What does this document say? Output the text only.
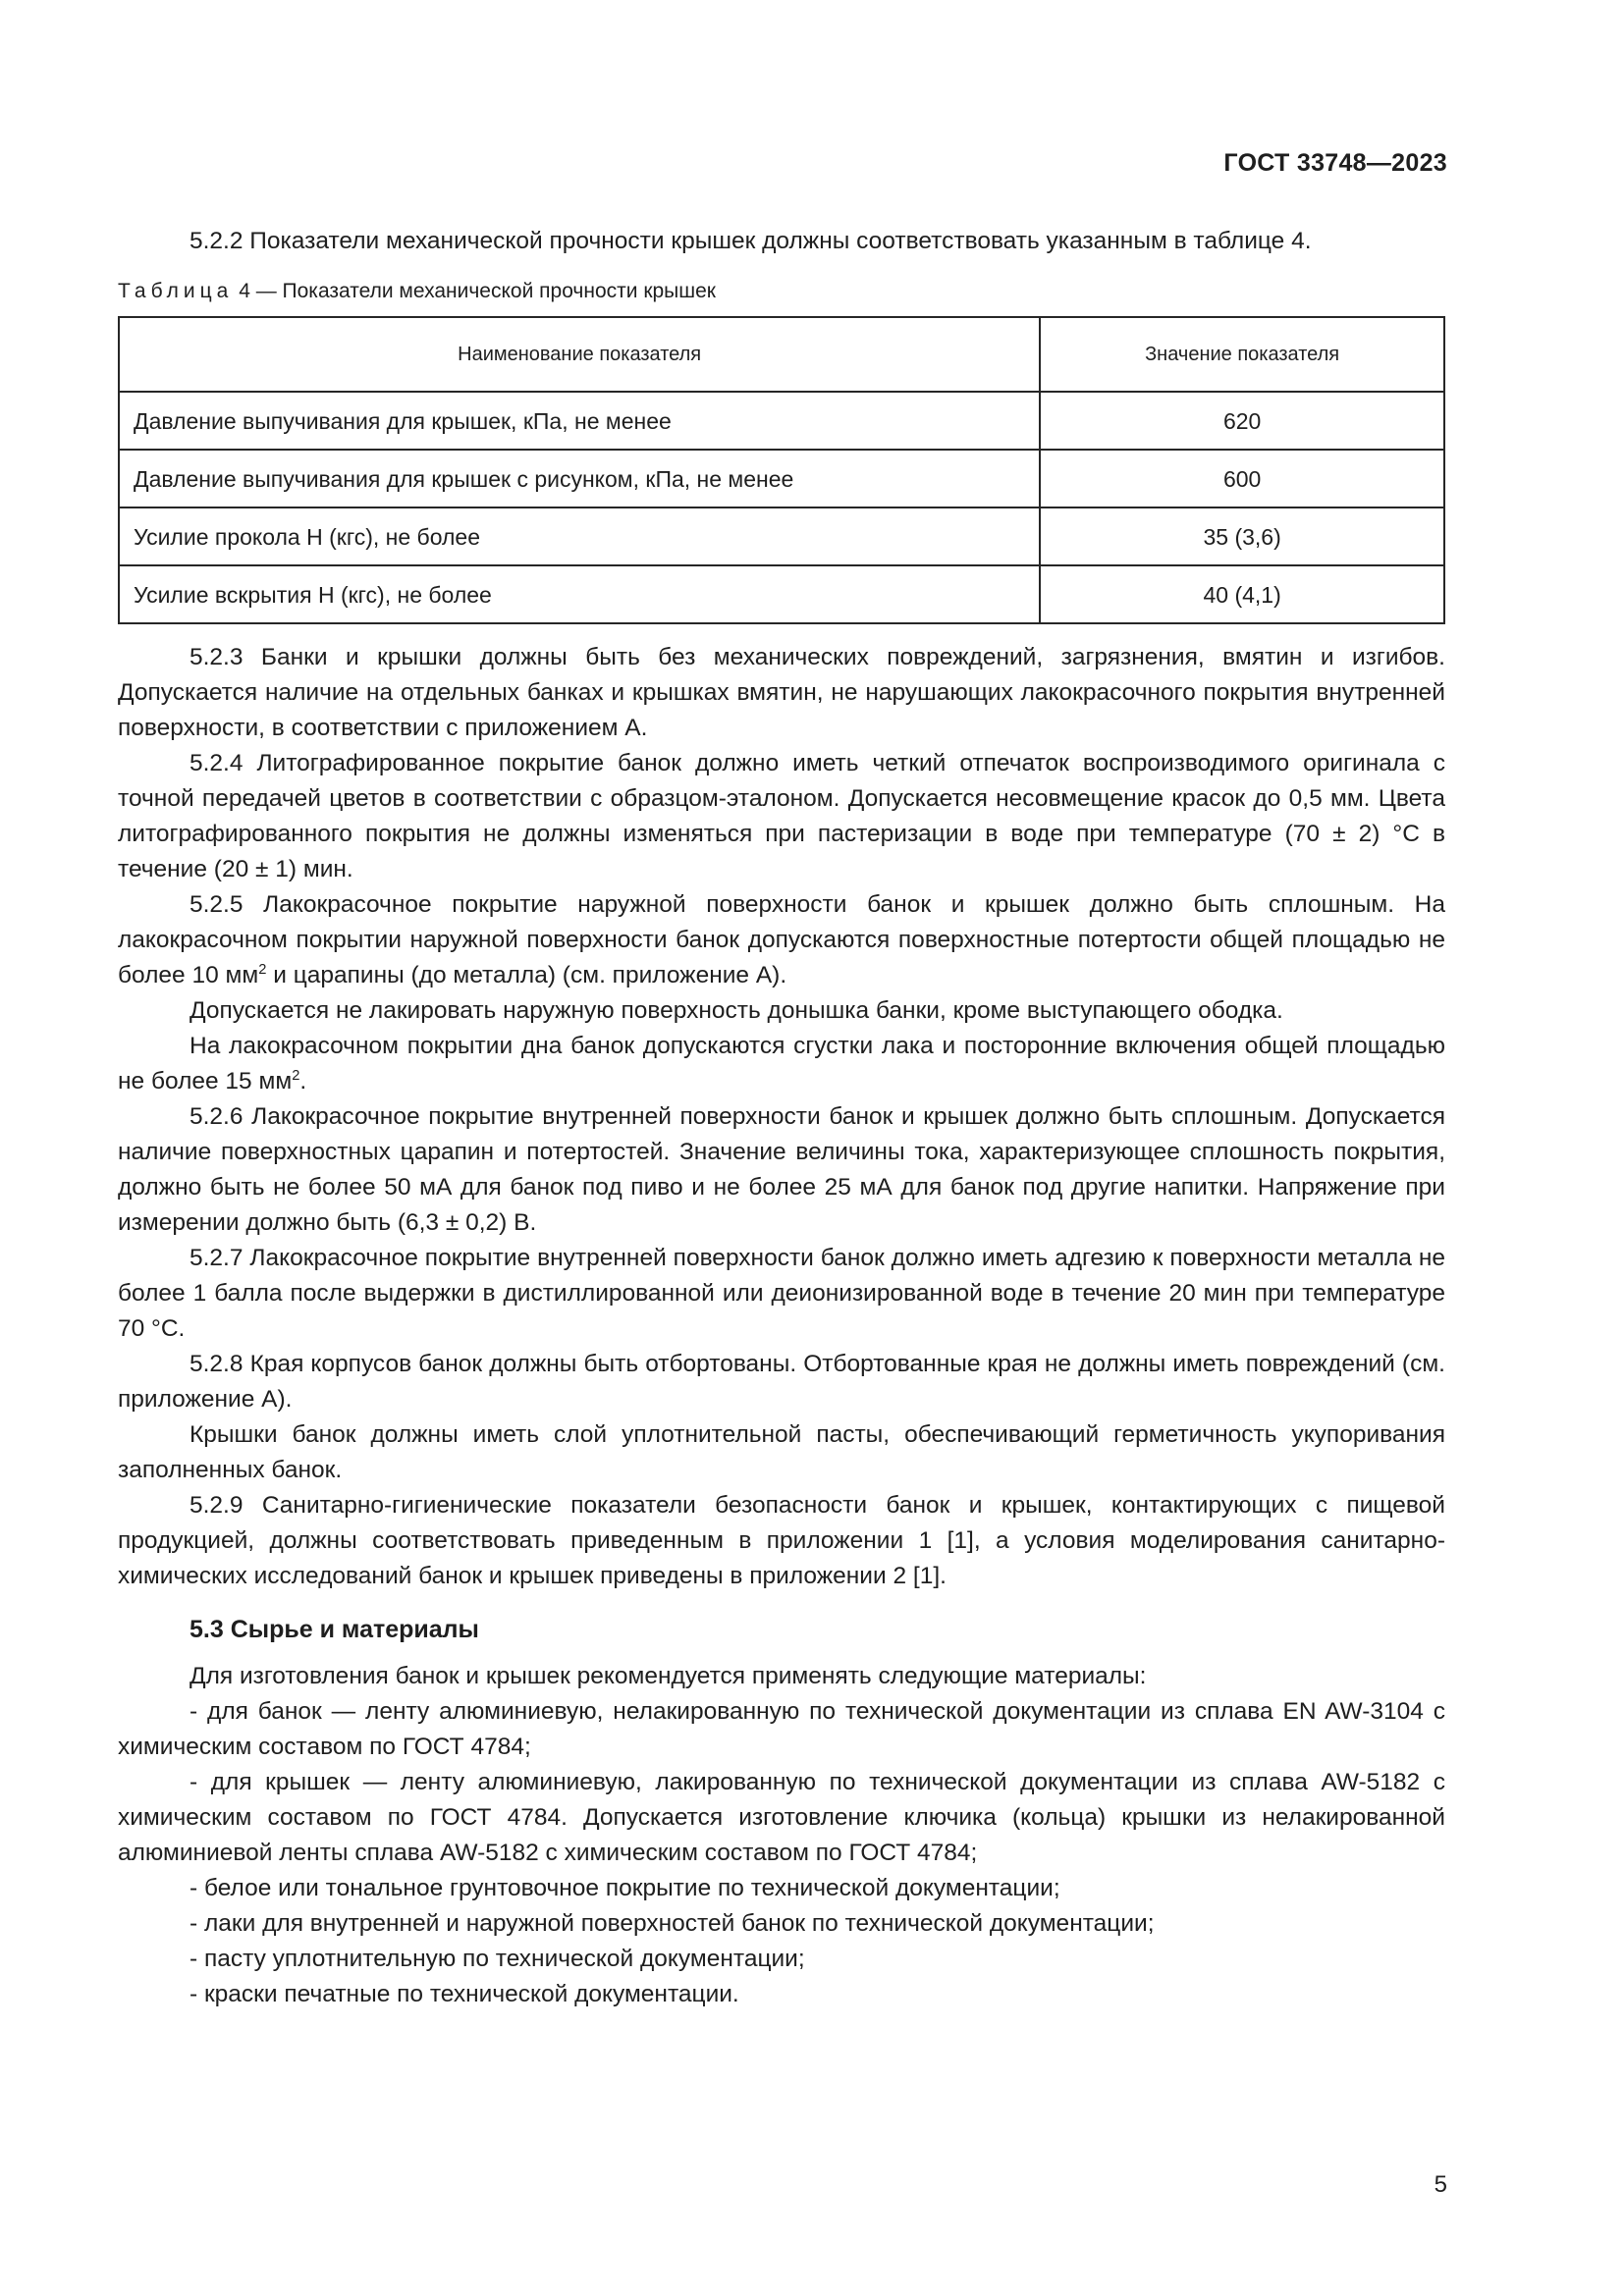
ГОСТ 33748—2023

5.2.2 Показатели механической прочности крышек должны соответствовать указанным в таблице 4.

Таблица 4 — Показатели механической прочности крышек
Наименование показателя	Значение показателя
Давление выпучивания для крышек, кПа, не менее	620
Давление выпучивания для крышек с рисунком, кПа, не менее	600
Усилие прокола Н (кгс), не более	35 (3,6)
Усилие вскрытия Н (кгс), не более	40 (4,1)

5.2.3 Банки и крышки должны быть без механических повреждений, загрязнения, вмятин и изгибов. Допускается наличие на отдельных банках и крышках вмятин, не нарушающих лакокрасочного покрытия внутренней поверхности, в соответствии с приложением А.

5.2.4 Литографированное покрытие банок должно иметь четкий отпечаток воспроизводимого оригинала с точной передачей цветов в соответствии с образцом-эталоном. Допускается несовмещение красок до 0,5 мм. Цвета литографированного покрытия не должны изменяться при пастеризации в воде при температуре (70 ± 2) °С в течение (20 ± 1) мин.

5.2.5 Лакокрасочное покрытие наружной поверхности банок и крышек должно быть сплошным. На лакокрасочном покрытии наружной поверхности банок допускаются поверхностные потертости общей площадью не более 10 $мм^2$ и царапины (до металла) (см. приложение А).

Допускается не лакировать наружную поверхность донышка банки, кроме выступающего ободка.

На лакокрасочном покрытии дна банок допускаются сгустки лака и посторонние включения общей площадью не более 15 $мм^2$.

5.2.6 Лакокрасочное покрытие внутренней поверхности банок и крышек должно быть сплошным. Допускается наличие поверхностных царапин и потертостей. Значение величины тока, характеризующее сплошность покрытия, должно быть не более 50 мА для банок под пиво и не более 25 мА для банок под другие напитки. Напряжение при измерении должно быть (6,3 ± 0,2) В.

5.2.7 Лакокрасочное покрытие внутренней поверхности банок должно иметь адгезию к поверхности металла не более 1 балла после выдержки в дистиллированной или деионизированной воде в течение 20 мин при температуре 70 °С.

5.2.8 Края корпусов банок должны быть отбортованы. Отбортованные края не должны иметь повреждений (см. приложение А).

Крышки банок должны иметь слой уплотнительной пасты, обеспечивающий герметичность укупоривания заполненных банок.

5.2.9 Санитарно-гигиенические показатели безопасности банок и крышек, контактирующих с пищевой продукцией, должны соответствовать приведенным в приложении 1 [1], а условия моделирования санитарно-химических исследований банок и крышек приведены в приложении 2 [1].

5.3 Сырье и материалы

Для изготовления банок и крышек рекомендуется применять следующие материалы:

- для банок — ленту алюминиевую, нелакированную по технической документации из сплава EN AW-3104 с химическим составом по ГОСТ 4784;

- для крышек — ленту алюминиевую, лакированную по технической документации из сплава AW-5182 с химическим составом по ГОСТ 4784. Допускается изготовление ключика (кольца) крышки из нелакированной алюминиевой ленты сплава AW-5182 с химическим составом по ГОСТ 4784;

- белое или тональное грунтовочное покрытие по технической документации;

- лаки для внутренней и наружной поверхностей банок по технической документации;

- пасту уплотнительную по технической документации;

- краски печатные по технической документации.

5
